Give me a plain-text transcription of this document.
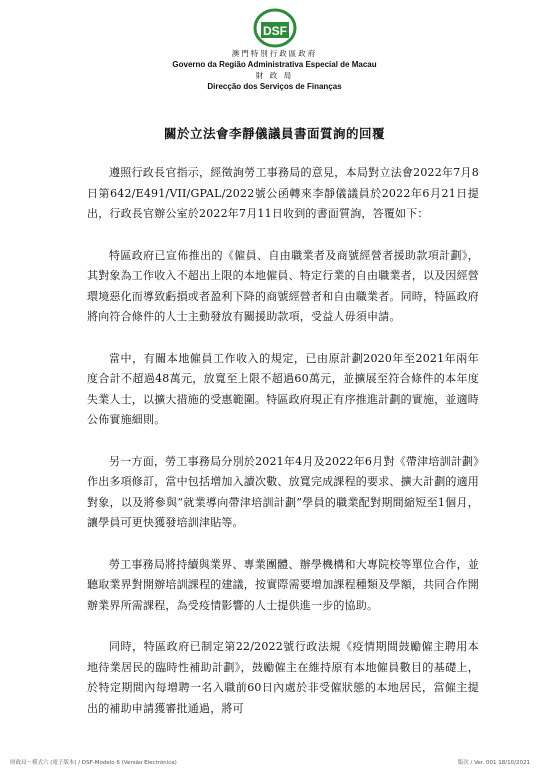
DSF
澳門特別行政區政府
Governo da Região Administrativa Especial de Macau
財 政 局
Direcção dos Serviços de Finanças
關於立法會李靜儀議員書面質詢的回覆

遵照行政長官指示，經徵詢勞工事務局的意見，本局對立法會2022年7月8日第642/E491/VII/GPAL/2022號公函轉來李靜儀議員於2022年6月21日提出，行政長官辦公室於2022年7月11日收到的書面質詢，答覆如下：

特區政府已宣佈推出的《僱員、自由職業者及商號經營者援助款項計劃》，其對象為工作收入不超出上限的本地僱員、特定行業的自由職業者，以及因經營環境惡化而導致虧損或者盈利下降的商號經營者和自由職業者。同時，特區政府將向符合條件的人士主動發放有關援助款項，受益人毋須申請。

當中，有關本地僱員工作收入的規定，已由原計劃2020年至2021年兩年度合計不超過48萬元，放寬至上限不超過60萬元，並擴展至符合條件的本年度失業人士，以擴大措施的受惠範圍。特區政府現正有序推進計劃的實施，並適時公佈實施細則。

另一方面，勞工事務局分別於2021年4月及2022年6月對《帶津培訓計劃》作出多項修訂，當中包括增加入讀次數、放寬完成課程的要求、擴大計劃的適用對象，以及將參與“就業導向帶津培訓計劃”學員的職業配對期間縮短至1個月，讓學員可更快獲發培訓津貼等。

勞工事務局將持續與業界、專業團體、辦學機構和大專院校等單位合作，並聽取業界對開辦培訓課程的建議，按實際需要增加課程種類及學額，共同合作開辦業界所需課程，為受疫情影響的人士提供進一步的協助。

同時，特區政府已制定第22/2022號行政法規《疫情期間鼓勵僱主聘用本地待業居民的臨時性補助計劃》，鼓勵僱主在維持原有本地僱員數目的基礎上，於特定期間內每增聘一名入職前60日內處於非受僱狀態的本地居民，當僱主提出的補助申請獲審批通過，將可

財政局－模式六 (電子版本) / DSF-Modelo 6 (Versão Electrónica)	版次 / Ver. 001 18/10/2021
